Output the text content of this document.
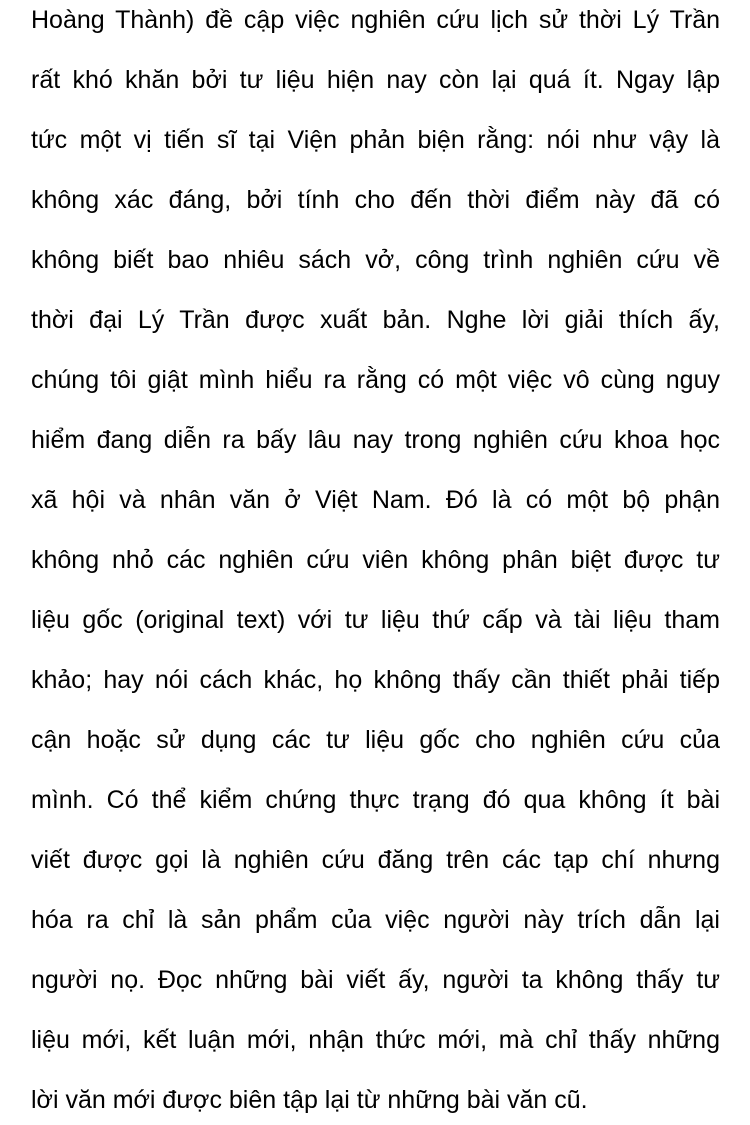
Hoàng Thành) đề cập việc nghiên cứu lịch sử thời Lý Trần
rất khó khăn bởi tư liệu hiện nay còn lại quá ít. Ngay lập
tức một vị tiến sĩ tại Viện phản biện rằng: nói như vậy là
không xác đáng, bởi tính cho đến thời điểm này đã có
không biết bao nhiêu sách vở, công trình nghiên cứu về
thời đại Lý Trần được xuất bản. Nghe lời giải thích ấy,
chúng tôi giật mình hiểu ra rằng có một việc vô cùng nguy
hiểm đang diễn ra bấy lâu nay trong nghiên cứu khoa học
xã hội và nhân văn ở Việt Nam. Đó là có một bộ phận
không nhỏ các nghiên cứu viên không phân biệt được tư
liệu gốc (original text) với tư liệu thứ cấp và tài liệu tham
khảo; hay nói cách khác, họ không thấy cần thiết phải tiếp
cận hoặc sử dụng các tư liệu gốc cho nghiên cứu của
mình. Có thể kiểm chứng thực trạng đó qua không ít bài
viết được gọi là nghiên cứu đăng trên các tạp chí nhưng
hóa ra chỉ là sản phẩm của việc người này trích dẫn lại
người nọ. Đọc những bài viết ấy, người ta không thấy tư
liệu mới, kết luận mới, nhận thức mới, mà chỉ thấy những
lời văn mới được biên tập lại từ những bài văn cũ.
